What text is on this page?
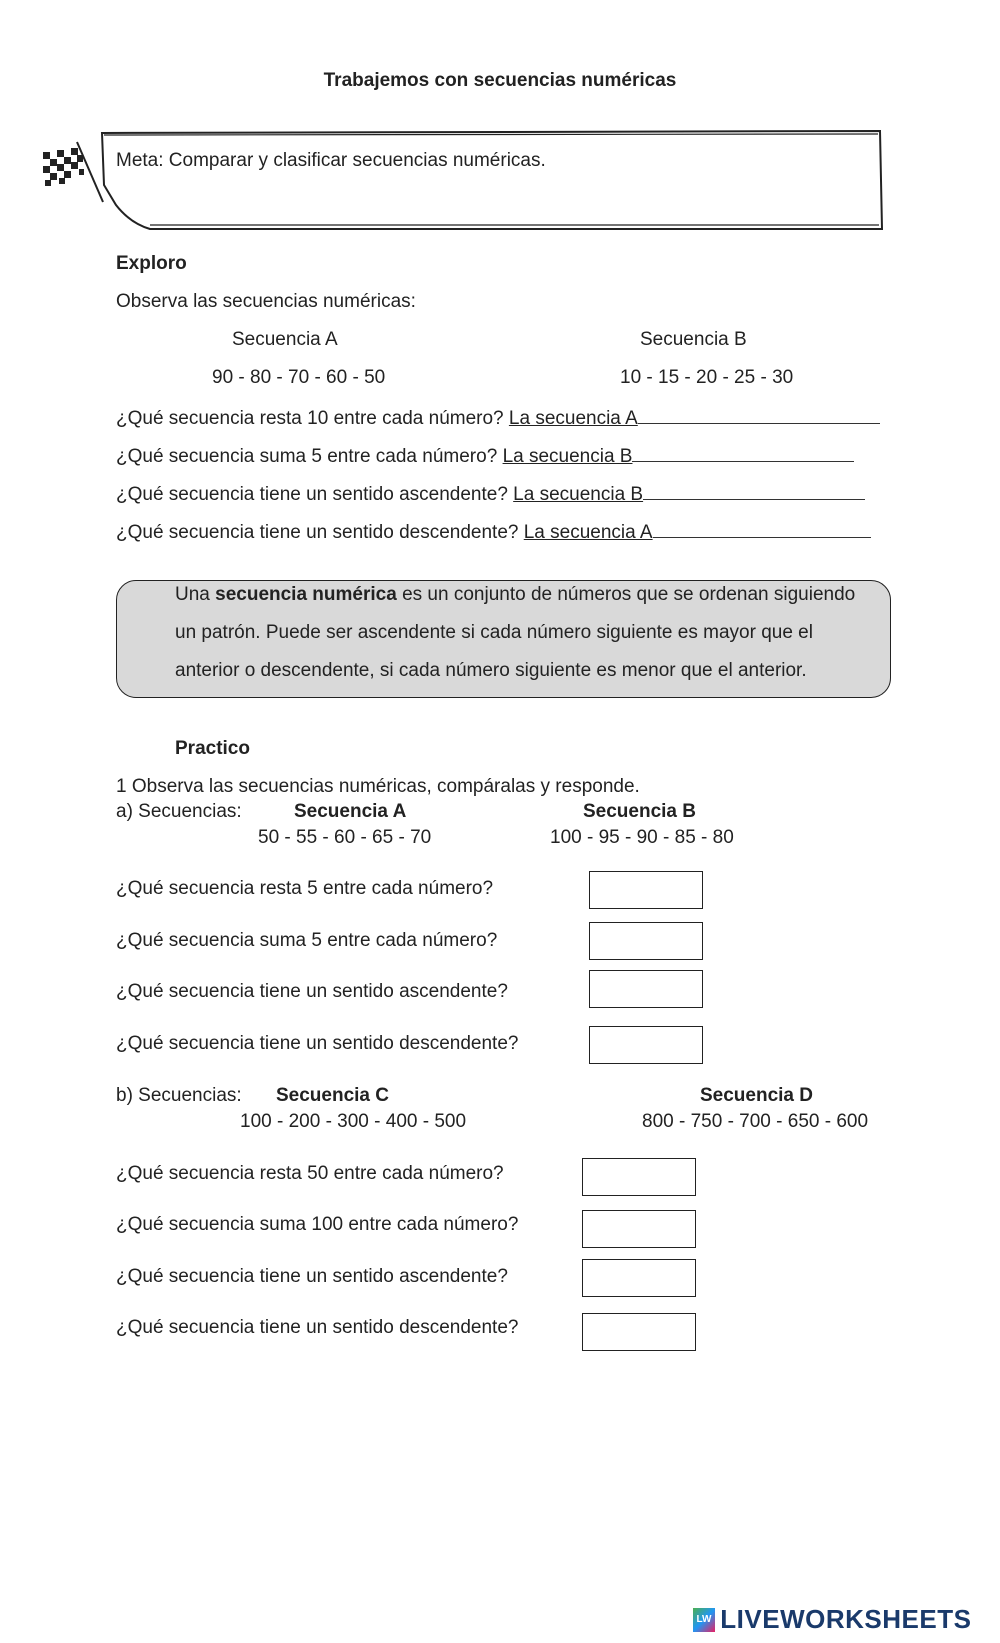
Trabajemos con secuencias numéricas
Meta: Comparar y clasificar secuencias numéricas.
Exploro
Observa las secuencias numéricas:
Secuencia A	Secuencia B
90 - 80 - 70 - 60 - 50	10 - 15 - 20 - 25 - 30
¿Qué secuencia resta 10 entre cada número? La secuencia A
¿Qué secuencia suma 5 entre cada número? La secuencia B
¿Qué secuencia tiene un sentido ascendente? La secuencia B
¿Qué secuencia tiene un sentido descendente? La secuencia A
Una secuencia numérica es un conjunto de números que se ordenan siguiendo
un patrón. Puede ser ascendente si cada número siguiente es mayor que el
anterior o descendente, si cada número siguiente es menor que el anterior.
Practico
1 Observa las secuencias numéricas, compáralas y responde.
a) Secuencias:	Secuencia A	Secuencia B
50 - 55 - 60 - 65 - 70	100 - 95 - 90 - 85 - 80
¿Qué secuencia resta 5 entre cada número?
¿Qué secuencia suma 5 entre cada número?
¿Qué secuencia tiene un sentido ascendente?
¿Qué secuencia tiene un sentido descendente?
b) Secuencias: Secuencia C	Secuencia D
100 - 200 - 300 - 400 - 500	800 - 750 - 700 - 650 - 600
¿Qué secuencia resta 50 entre cada número?
¿Qué secuencia suma 100 entre cada número?
¿Qué secuencia tiene un sentido ascendente?
¿Qué secuencia tiene un sentido descendente?
LW LIVEWORKSHEETS
